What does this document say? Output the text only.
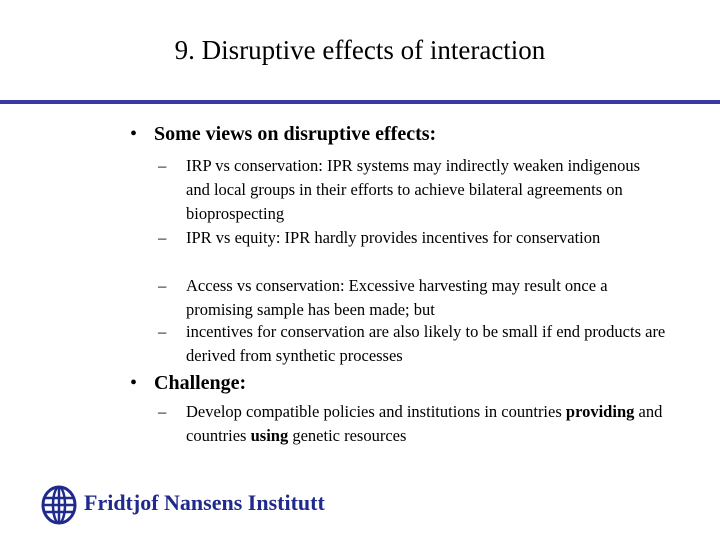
9. Disruptive effects of interaction
• Some views on disruptive effects:
– IRP vs conservation: IPR systems may indirectly weaken indigenous and local groups in their efforts to achieve bilateral agreements on bioprospecting
– IPR vs equity: IPR hardly provides incentives for conservation
– Access vs conservation: Excessive harvesting may result once a promising sample has been made; but
– incentives for conservation are also likely to be small if end products are derived from synthetic processes
• Challenge:
– Develop compatible policies and institutions in countries providing and countries using genetic resources
Fridtjof Nansens Institutt
